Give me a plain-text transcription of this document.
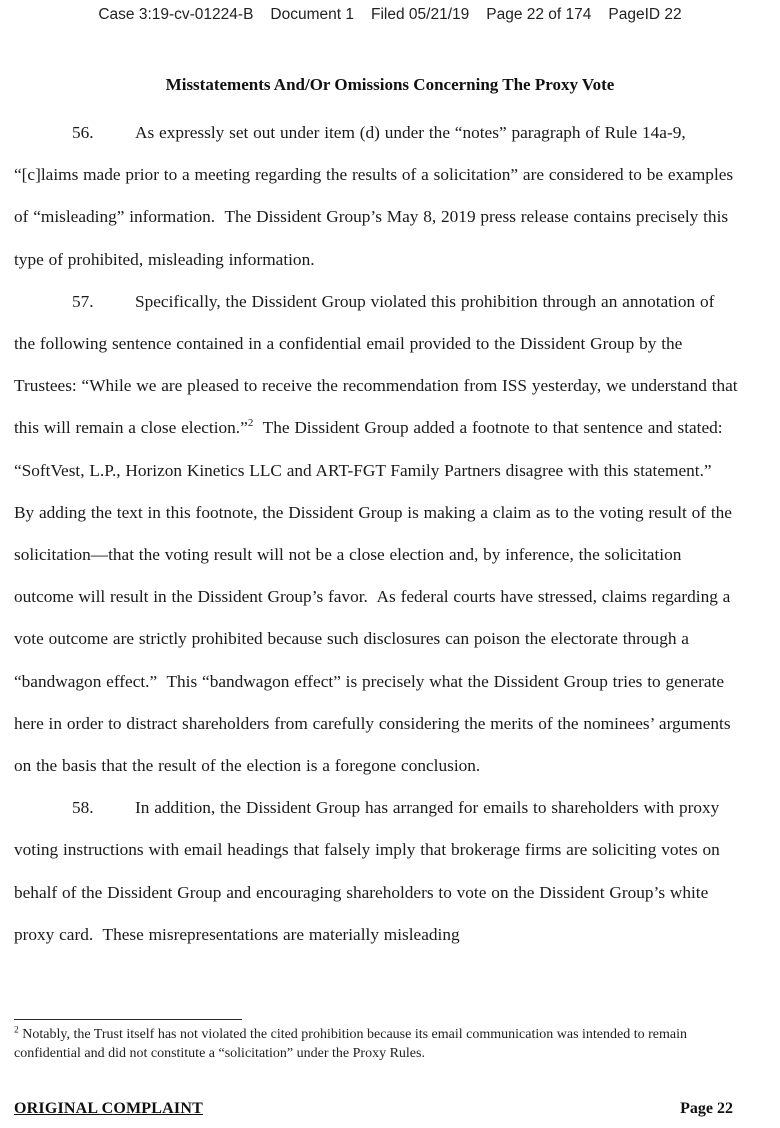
Case 3:19-cv-01224-B Document 1 Filed 05/21/19 Page 22 of 174 PageID 22
Misstatements And/Or Omissions Concerning The Proxy Vote

56. As expressly set out under item (d) under the “notes” paragraph of Rule 14a-9, “[c]laims made prior to a meeting regarding the results of a solicitation” are considered to be examples of “misleading” information.  The Dissident Group’s May 8, 2019 press release contains precisely this type of prohibited, misleading information.

57. Specifically, the Dissident Group violated this prohibition through an annotation of the following sentence contained in a confidential email provided to the Dissident Group by the Trustees: “While we are pleased to receive the recommendation from ISS yesterday, we understand that this will remain a close election.”$^2$  The Dissident Group added a footnote to that sentence and stated: “SoftVest, L.P., Horizon Kinetics LLC and ART-FGT Family Partners disagree with this statement.”  By adding the text in this footnote, the Dissident Group is making a claim as to the voting result of the solicitation—that the voting result will not be a close election and, by inference, the solicitation outcome will result in the Dissident Group’s favor.  As federal courts have stressed, claims regarding a vote outcome are strictly prohibited because such disclosures can poison the electorate through a “bandwagon effect.”  This “bandwagon effect” is precisely what the Dissident Group tries to generate here in order to distract shareholders from carefully considering the merits of the nominees’ arguments on the basis that the result of the election is a foregone conclusion.

58. In addition, the Dissident Group has arranged for emails to shareholders with proxy voting instructions with email headings that falsely imply that brokerage firms are soliciting votes on behalf of the Dissident Group and encouraging shareholders to vote on the Dissident Group’s white proxy card.  These misrepresentations are materially misleading

$^2$ Notably, the Trust itself has not violated the cited prohibition because its email communication was intended to remain confidential and did not constitute a “solicitation” under the Proxy Rules.
ORIGINAL COMPLAINT	Page 22
